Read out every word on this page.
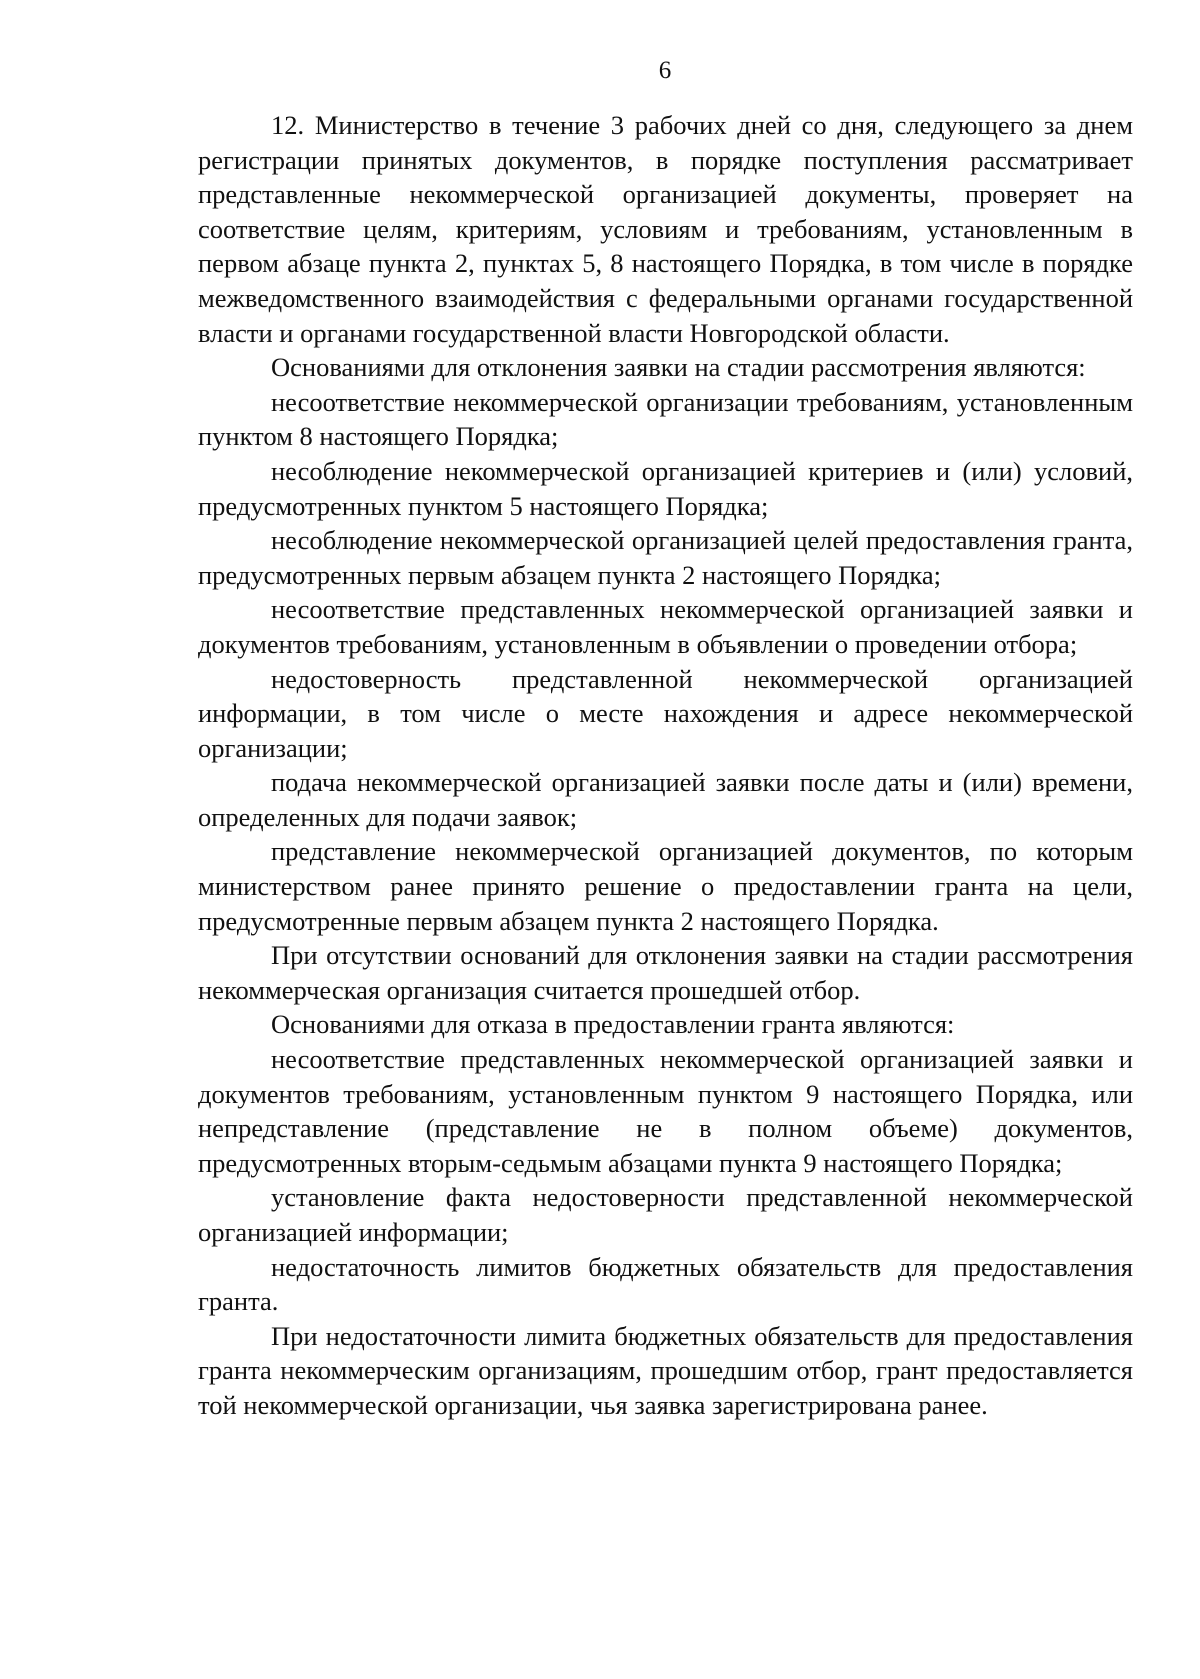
6

12. Министерство в течение 3 рабочих дней со дня, следующего за днем регистрации принятых документов, в порядке поступления рассматривает представленные некоммерческой организацией документы, проверяет на соответствие целям, критериям, условиям и требованиям, установленным в первом абзаце пункта 2, пунктах 5, 8 настоящего Порядка, в том числе в порядке межведомственного взаимодействия с федеральными органами государственной власти и органами государственной власти Новгородской области.

Основаниями для отклонения заявки на стадии рассмотрения являются:

несоответствие некоммерческой организации требованиям, установленным пунктом 8 настоящего Порядка;

несоблюдение некоммерческой организацией критериев и (или) условий, предусмотренных пунктом 5 настоящего Порядка;

несоблюдение некоммерческой организацией целей предоставления гранта, предусмотренных первым абзацем пункта 2 настоящего Порядка;

несоответствие представленных некоммерческой организацией заявки и документов требованиям, установленным в объявлении о проведении отбора;

недостоверность представленной некоммерческой организацией информации, в том числе о месте нахождения и адресе некоммерческой организации;

подача некоммерческой организацией заявки после даты и (или) времени, определенных для подачи заявок;

представление некоммерческой организацией документов, по которым министерством ранее принято решение о предоставлении гранта на цели, предусмотренные первым абзацем пункта 2 настоящего Порядка.

При отсутствии оснований для отклонения заявки на стадии рассмотрения некоммерческая организация считается прошедшей отбор.

Основаниями для отказа в предоставлении гранта являются:

несоответствие представленных некоммерческой организацией заявки и документов требованиям, установленным пунктом 9 настоящего Порядка, или непредставление (представление не в полном объеме) документов, предусмотренных вторым-седьмым абзацами пункта 9 настоящего Порядка;

установление факта недостоверности представленной некоммерческой организацией информации;

недостаточность лимитов бюджетных обязательств для предоставления гранта.

При недостаточности лимита бюджетных обязательств для предоставления гранта некоммерческим организациям, прошедшим отбор, грант предоставляется той некоммерческой организации, чья заявка зарегистрирована ранее.
